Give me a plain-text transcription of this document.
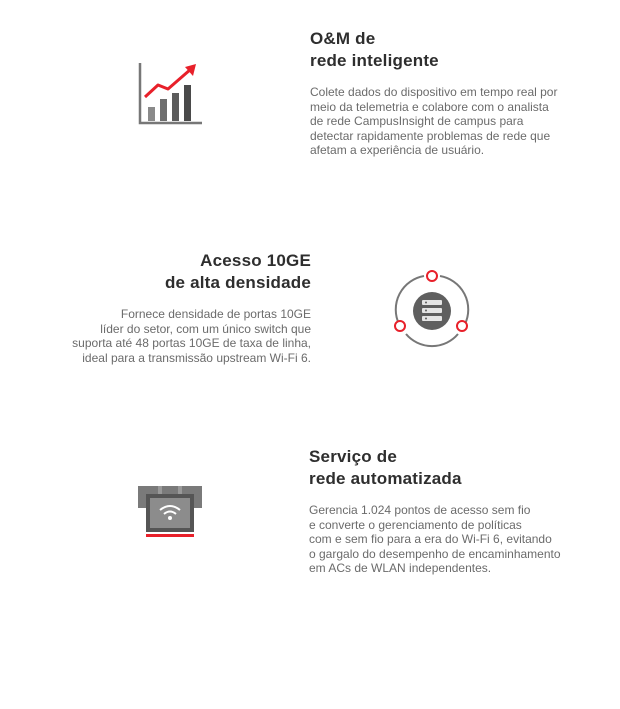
O&M de
rede inteligente
Colete dados do dispositivo em tempo real por
meio da telemetria e colabore com o analista
de rede CampusInsight de campus para
detectar rapidamente problemas de rede que
afetam a experiência de usuário.
Acesso 10GE
de alta densidade
Fornece densidade de portas 10GE
líder do setor, com um único switch que
suporta até 48 portas 10GE de taxa de linha,
ideal para a transmissão upstream Wi-Fi 6.
Serviço de
rede automatizada
Gerencia 1.024 pontos de acesso sem fio
e converte o gerenciamento de políticas
com e sem fio para a era do Wi-Fi 6, evitando
o gargalo do desempenho de encaminhamento
em ACs de WLAN independentes.
